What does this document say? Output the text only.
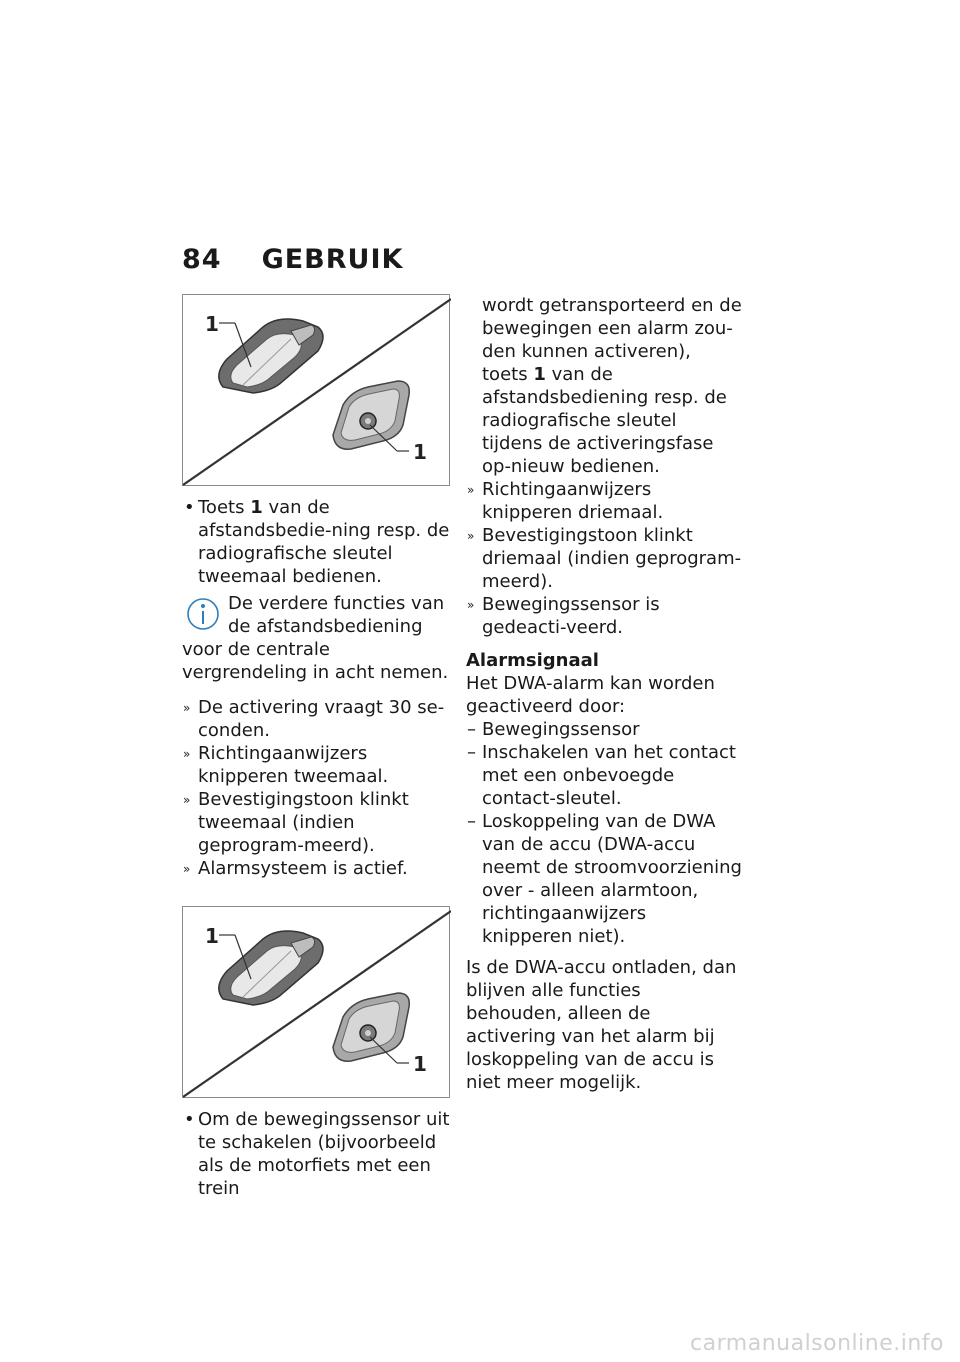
84 GEBRUIK
1
1

• Toets 1 van de afstandsbedie-ning resp. de radiografische sleutel tweemaal bedienen.

De verdere functies van de afstandsbediening voor de centrale vergrendeling in acht nemen.

» De activering vraagt 30 se-conden.

» Richtingaanwijzers knipperen tweemaal.

» Bevestigingstoon klinkt tweemaal (indien geprogram-meerd).

» Alarmsysteem is actief.

1
1

• Om de bewegingssensor uit te schakelen (bijvoorbeeld als de motorfiets met een trein

wordt getransporteerd en de bewegingen een alarm zou-den kunnen activeren), toets 1 van de afstandsbediening resp. de radiografische sleutel tijdens de activeringsfase op-nieuw bedienen.

» Richtingaanwijzers knipperen driemaal.

» Bevestigingstoon klinkt driemaal (indien geprogram-meerd).

» Bewegingssensor is gedeacti-veerd.

Alarmsignaal

Het DWA-alarm kan worden geactiveerd door:

– Bewegingssensor

– Inschakelen van het contact met een onbevoegde contact-sleutel.

– Loskoppeling van de DWA van de accu (DWA-accu neemt de stroomvoorziening over - alleen alarmtoon, richtingaanwijzers knipperen niet).

Is de DWA-accu ontladen, dan blijven alle functies behouden, alleen de activering van het alarm bij loskoppeling van de accu is niet meer mogelijk.

carmanualsonline.info
